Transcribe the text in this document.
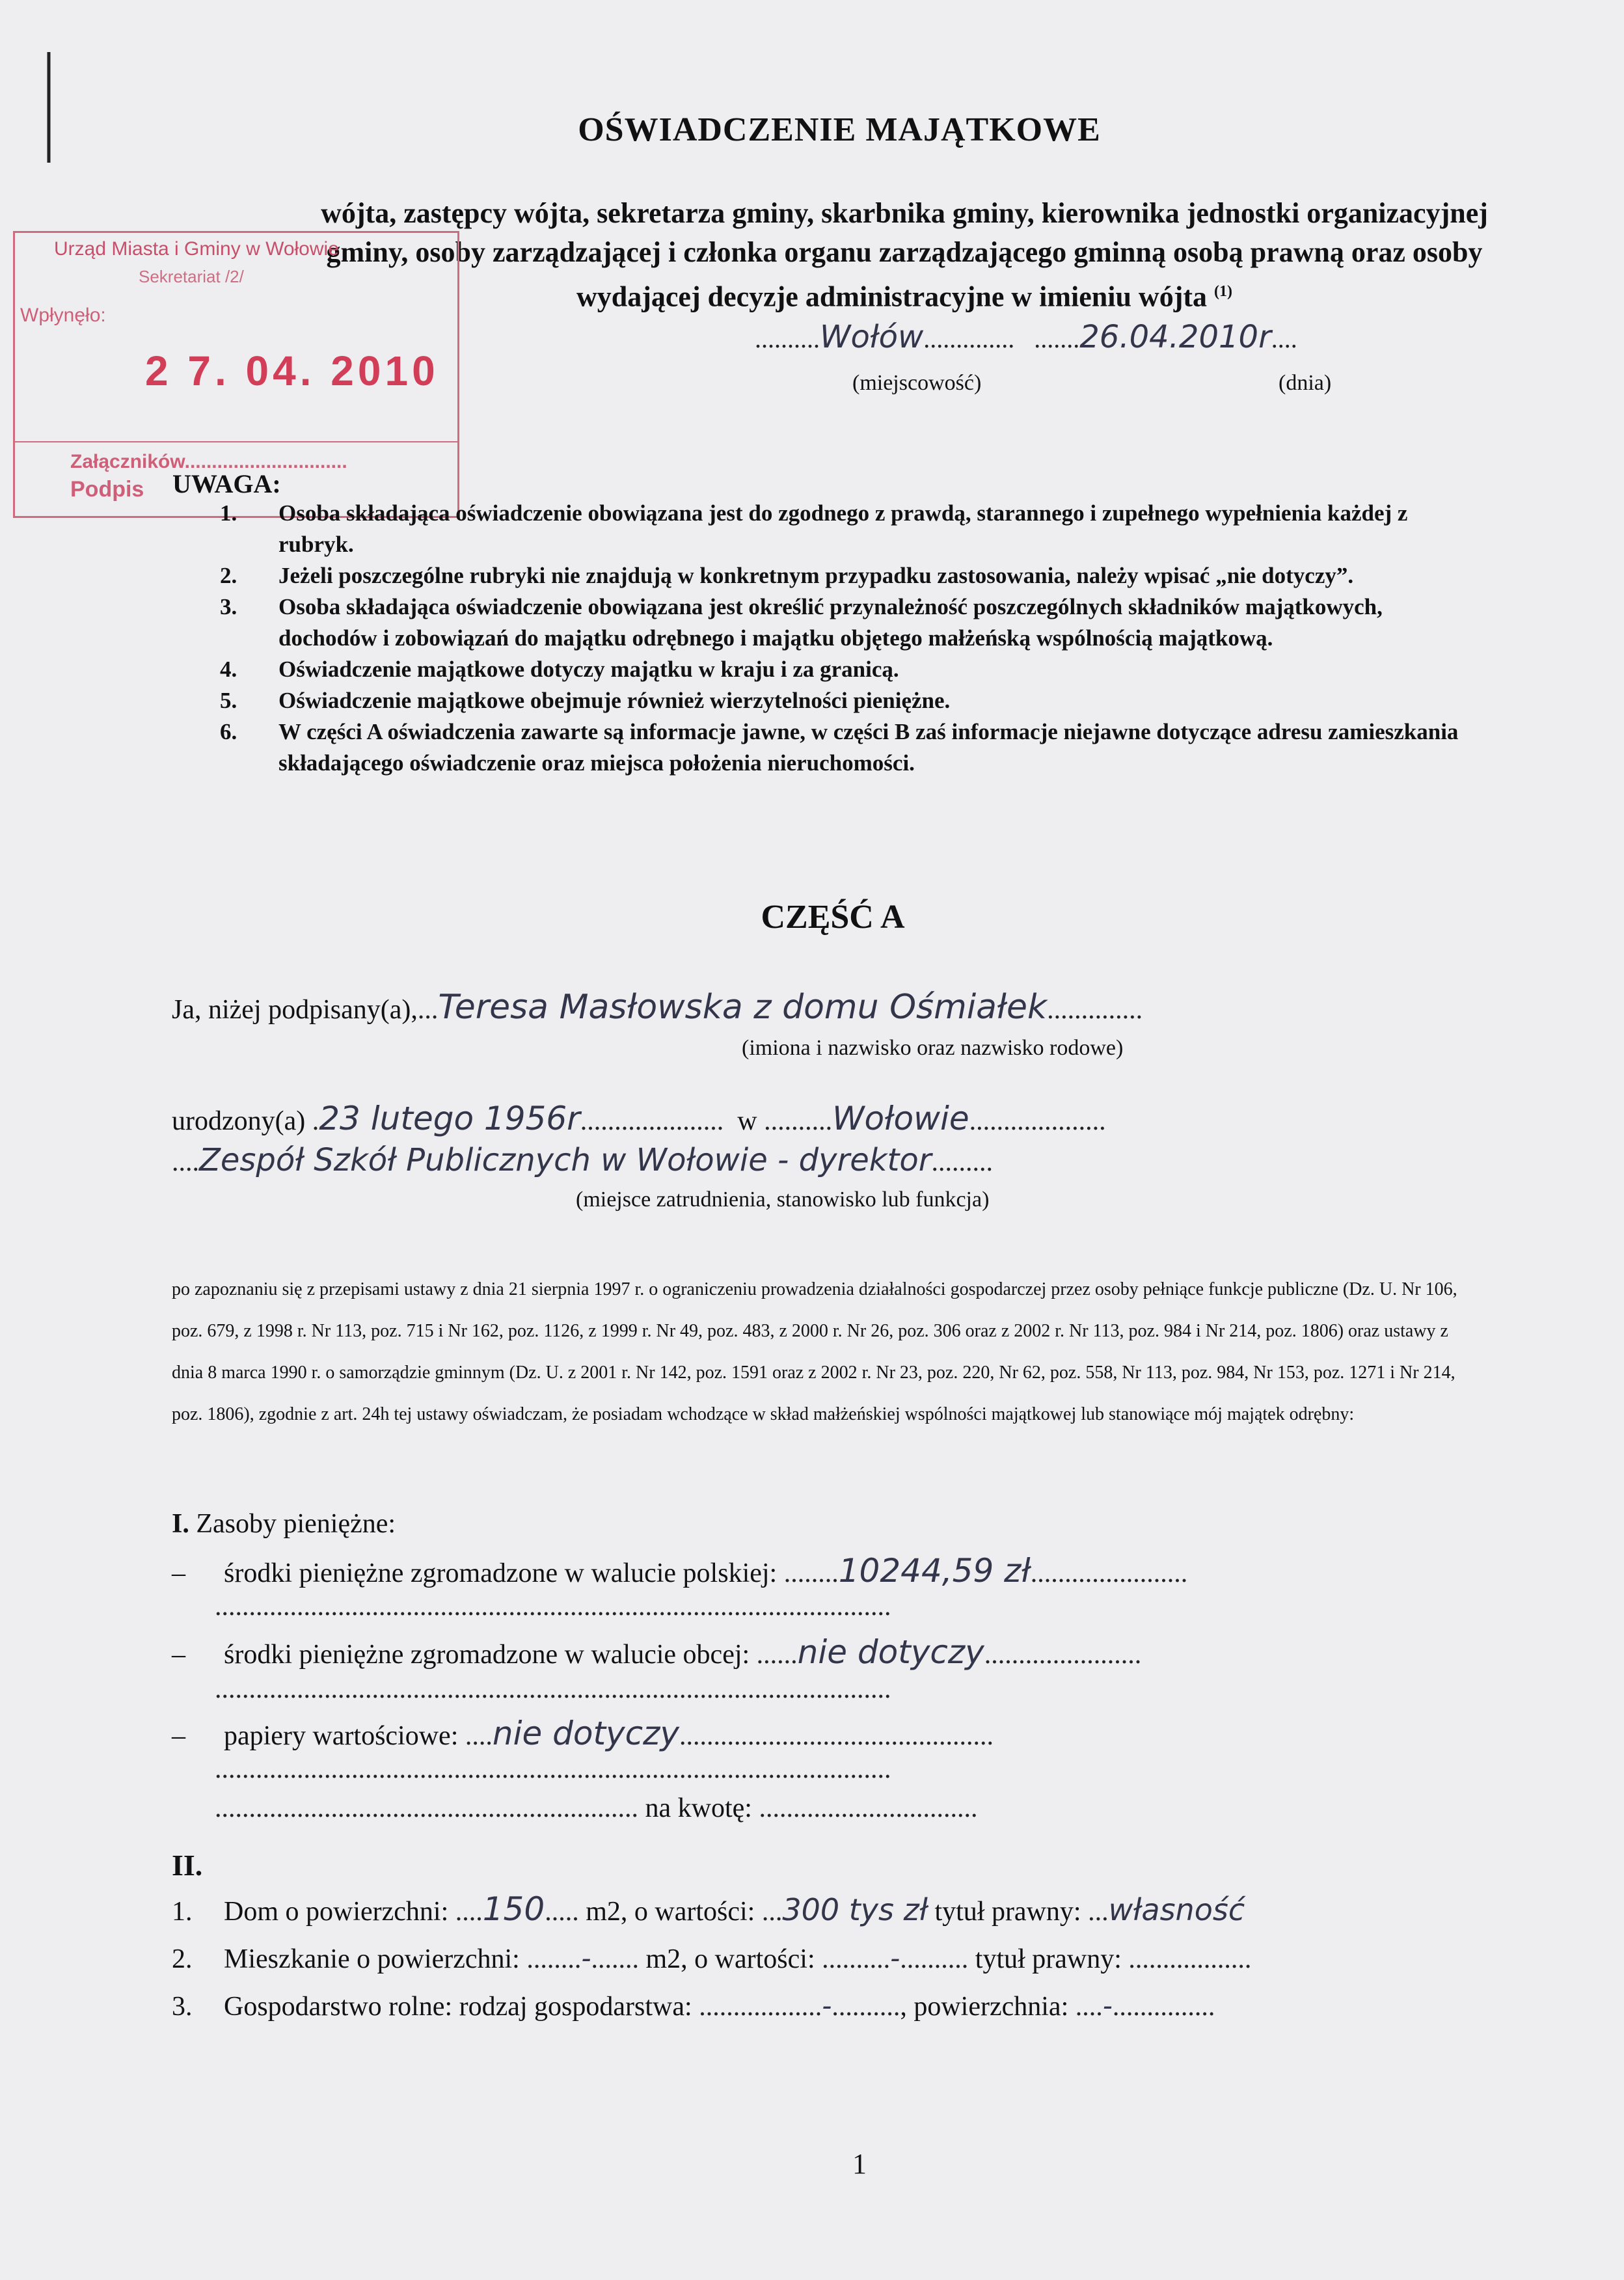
OŚWIADCZENIE MAJĄTKOWE
wójta, zastępcy wójta, sekretarza gminy, skarbnika gminy, kierownika jednostki organizacyjnej gminy, osoby zarządzającej i członka organu zarządzającego gminną osobą prawną oraz osoby wydającej decyzje administracyjne w imieniu wójta $^{(1)}$
Urząd Miasta i Gminy w Wołowie
Sekretariat /2/
Wpłynęło:
2 7. 04. 2010
Załączników..............................
Podpis
..........Wołów..............   .......26.04.2010r....
(miejscowość)	(dnia)
UWAGA:
1.	Osoba składająca oświadczenie obowiązana jest do zgodnego z prawdą, starannego i zupełnego wypełnienia każdej z rubryk.
2.	Jeżeli poszczególne rubryki nie znajdują w konkretnym przypadku zastosowania, należy wpisać „nie dotyczy”.
3.	Osoba składająca oświadczenie obowiązana jest określić przynależność poszczególnych składników majątkowych, dochodów i zobowiązań do majątku odrębnego i majątku objętego małżeńską wspólnością majątkową.
4.	Oświadczenie majątkowe dotyczy majątku w kraju i za granicą.
5.	Oświadczenie majątkowe obejmuje również wierzytelności pieniężne.
6.	W części A oświadczenia zawarte są informacje jawne, w części B zaś informacje niejawne dotyczące adresu zamieszkania składającego oświadczenie oraz miejsca położenia nieruchomości.
CZĘŚĆ A
Ja, niżej podpisany(a),...Teresa Masłowska z domu Ośmiałek..............
(imiona i nazwisko oraz nazwisko rodowe)
urodzony(a) .23 lutego 1956r.....................  w ..........Wołowie....................
....Zespół Szkół Publicznych w Wołowie - dyrektor.........
(miejsce zatrudnienia, stanowisko lub funkcja)
po zapoznaniu się z przepisami ustawy z dnia 21 sierpnia 1997 r. o ograniczeniu prowadzenia działalności gospodarczej przez osoby pełniące funkcje publiczne (Dz. U. Nr 106, poz. 679, z 1998 r. Nr 113, poz. 715 i Nr 162, poz. 1126, z 1999 r. Nr 49, poz. 483, z 2000 r. Nr 26, poz. 306 oraz z 2002 r. Nr 113, poz. 984 i Nr 214, poz. 1806) oraz ustawy z dnia 8 marca 1990 r. o samorządzie gminnym (Dz. U. z 2001 r. Nr 142, poz. 1591 oraz z 2002 r. Nr 23, poz. 220, Nr 62, poz. 558, Nr 113, poz. 984, Nr 153, poz. 1271 i Nr 214, poz. 1806), zgodnie z art. 24h tej ustawy oświadczam, że posiadam wchodzące w skład małżeńskiej wspólności majątkowej lub stanowiące mój majątek odrębny:
I. Zasoby pieniężne:
– środki pieniężne zgromadzone w walucie polskiej: ........10244,59 zł.......................
...................................................................................................
– środki pieniężne zgromadzone w walucie obcej: ......nie dotyczy.......................
...................................................................................................
– papiery wartościowe: ....nie dotyczy..............................................
...................................................................................................
.............................................................. na kwotę: ................................
II.
1. Dom o powierzchni: ....150..... m2, o wartości: ...300 tys zł tytuł prawny: ...własność
2. Mieszkanie o powierzchni: ........-....... m2, o wartości: ..........-.......... tytuł prawny: ..................
3. Gospodarstwo rolne: rodzaj gospodarstwa: ..................-.........., powierzchnia: ....-...............
1
